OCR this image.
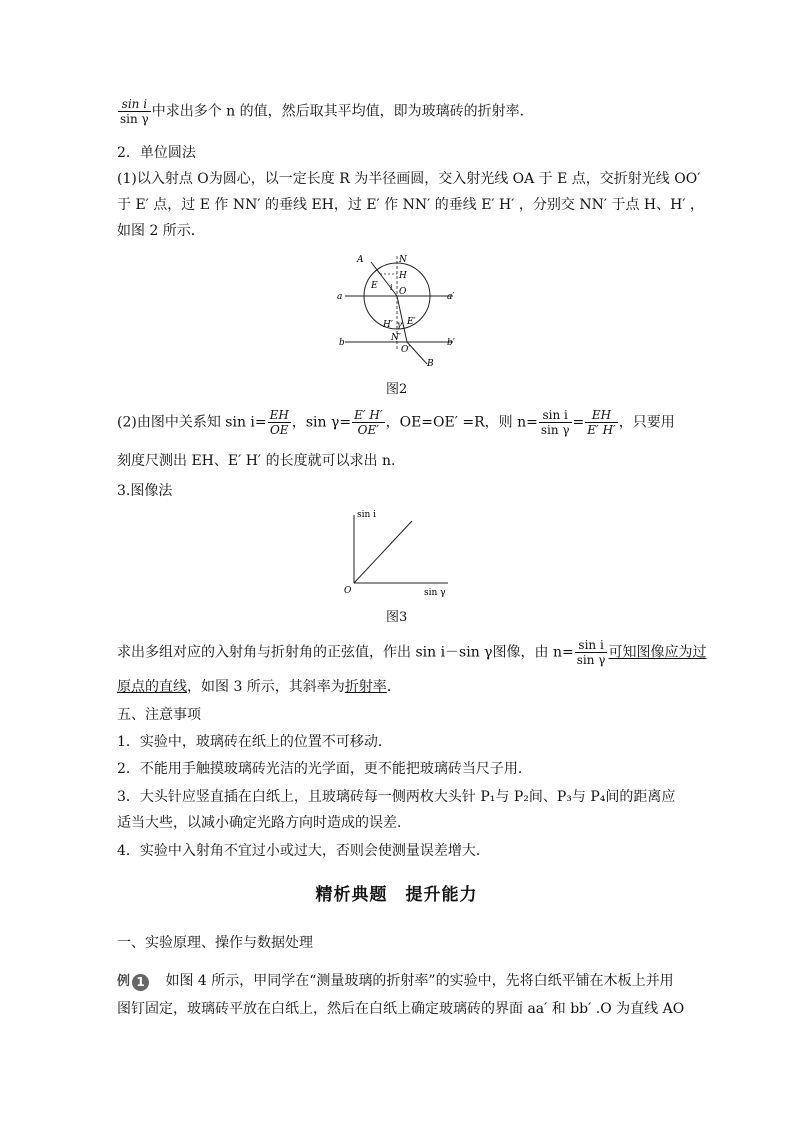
$\frac{\text{sin i}}{\text{sin γ}}$ 中求出多个 n 的值，然后取其平均值，即为玻璃砖的折射率．
2．单位圆法
(1)以入射点 O为圆心，以一定长度 R 为半径画圆，交入射光线 OA 于 E 点，交折射光线 OO′
于 E′ 点，过 E 作 NN′ 的垂线 EH，过 E′ 作 NN′ 的垂线 E′ H′ ，分别交 NN′ 于点 H、H′ ，
如图 2 所示．
A	N
H
E i O
a	a′
H′ γ E′
N′
b	b′
O′
B
图2
(2)由图中关系知 $\sin i= \frac{EH}{OE}$ ，$\sin \gamma= \frac{E' H'}{OE'}$ ，OE=OE′ =R，则 $n= \frac{\text{sin i}}{\text{sin γ}} = \frac{EH}{E' H'}$ ，只要用
刻度尺测出 EH、E′ H′ 的长度就可以求出 n.
3.图像法
sin i
O	sin γ
图3
求出多组对应的入射角与折射角的正弦值，作出 sin i－sin γ图像，由 $n= \frac{\text{sin i}}{\text{sin γ}}$ 可知图像应为过
原点的直线，如图 3 所示，其斜率为折射率．
五、注意事项
1．实验中，玻璃砖在纸上的位置不可移动．
2．不能用手触摸玻璃砖光洁的光学面，更不能把玻璃砖当尺子用．
3．大头针应竖直插在白纸上，且玻璃砖每一侧两枚大头针 P₁与 P₂间、P₃与 P₄间的距离应
适当大些，以减小确定光路方向时造成的误差．
4．实验中入射角不宜过小或过大，否则会使测量误差增大．
精析典题　提升能力
一、实验原理、操作与数据处理
例 1	如图 4 所示，甲同学在“测量玻璃的折射率”的实验中，先将白纸平铺在木板上并用
图钉固定，玻璃砖平放在白纸上，然后在白纸上确定玻璃砖的界面 aa′ 和 bb′ .O 为直线 AO
